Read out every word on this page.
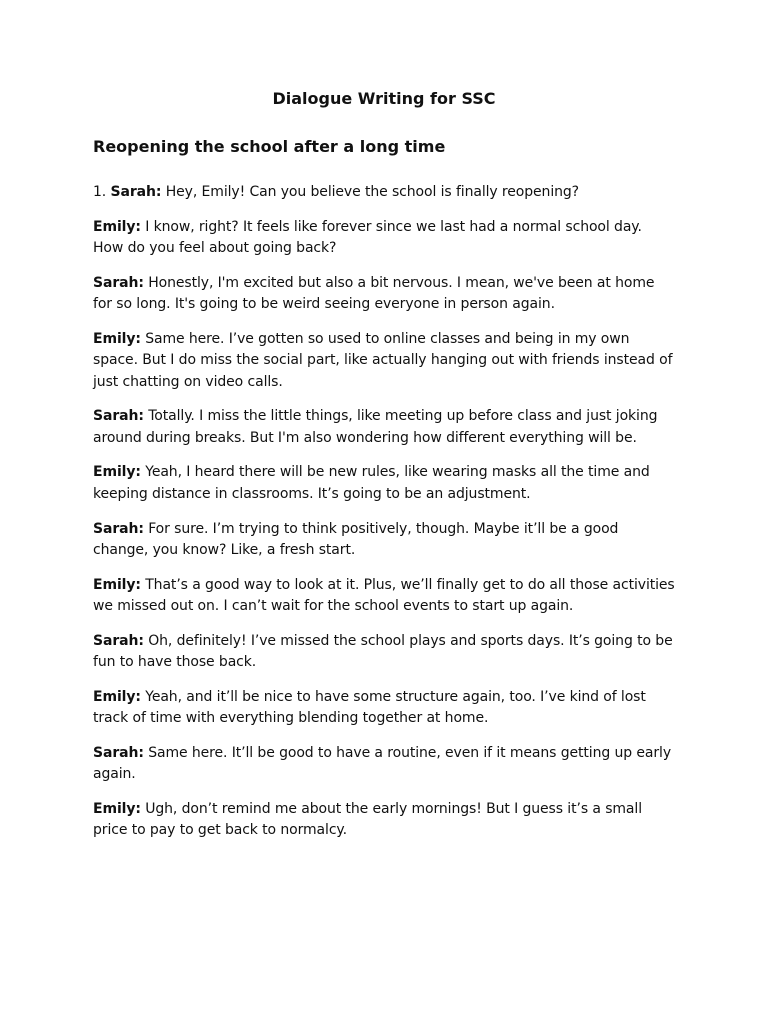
Dialogue Writing for SSC
Reopening the school after a long time

1. Sarah: Hey, Emily! Can you believe the school is finally reopening?

Emily: I know, right? It feels like forever since we last had a normal school day. How do you feel about going back?

Sarah: Honestly, I'm excited but also a bit nervous. I mean, we've been at home for so long. It's going to be weird seeing everyone in person again.

Emily: Same here. I’ve gotten so used to online classes and being in my own space. But I do miss the social part, like actually hanging out with friends instead of just chatting on video calls.

Sarah: Totally. I miss the little things, like meeting up before class and just joking around during breaks. But I'm also wondering how different everything will be.

Emily: Yeah, I heard there will be new rules, like wearing masks all the time and keeping distance in classrooms. It’s going to be an adjustment.

Sarah: For sure. I’m trying to think positively, though. Maybe it’ll be a good change, you know? Like, a fresh start.

Emily: That’s a good way to look at it. Plus, we’ll finally get to do all those activities we missed out on. I can’t wait for the school events to start up again.

Sarah: Oh, definitely! I’ve missed the school plays and sports days. It’s going to be fun to have those back.

Emily: Yeah, and it’ll be nice to have some structure again, too. I’ve kind of lost track of time with everything blending together at home.

Sarah: Same here. It’ll be good to have a routine, even if it means getting up early again.

Emily: Ugh, don’t remind me about the early mornings! But I guess it’s a small price to pay to get back to normalcy.
